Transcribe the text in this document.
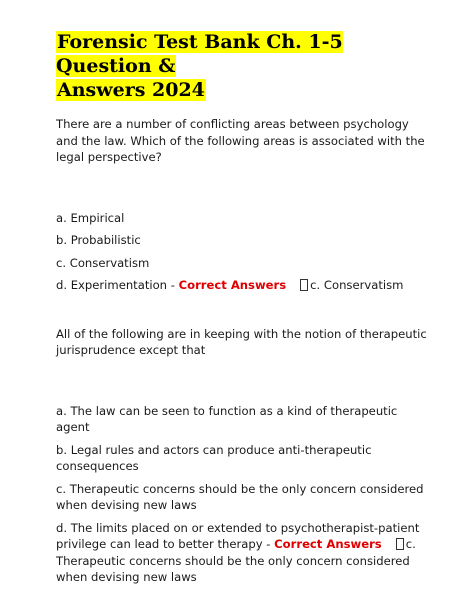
Forensic Test Bank Ch. 1-5 Question &
Answers 2024

There are a number of conflicting areas between psychology and the law. Which of the following areas is associated with the legal perspective?

a. Empirical

b. Probabilistic

c. Conservatism

d. Experimentation - Correct Answers c. Conservatism

All of the following are in keeping with the notion of therapeutic jurisprudence except that

a. The law can be seen to function as a kind of therapeutic agent

b. Legal rules and actors can produce anti-therapeutic consequences

c. Therapeutic concerns should be the only concern considered when devising new laws

d. The limits placed on or extended to psychotherapist-patient privilege can lead to better therapy - Correct Answers c. Therapeutic concerns should be the only concern considered when devising new laws
